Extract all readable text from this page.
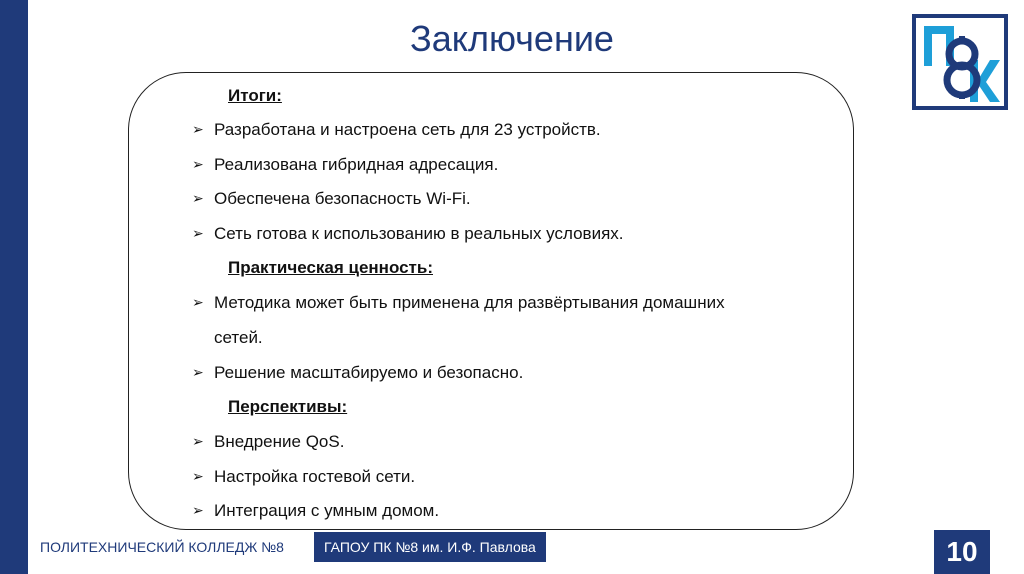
Заключение
Итоги:
➢ Разработана и настроена сеть для 23 устройств.
➢ Реализована гибридная адресация.
➢ Обеспечена безопасность Wi-Fi.
➢ Сеть готова к использованию в реальных условиях.
Практическая ценность:
➢ Методика может быть применена для развёртывания домашних
сетей.
➢ Решение масштабируемо и безопасно.
Перспективы:
➢ Внедрение QoS.
➢ Настройка гостевой сети.
➢ Интеграция с умным домом.
ПОЛИТЕХНИЧЕСКИЙ КОЛЛЕДЖ №8	ГАПОУ ПК №8 им. И.Ф. Павлова	10
